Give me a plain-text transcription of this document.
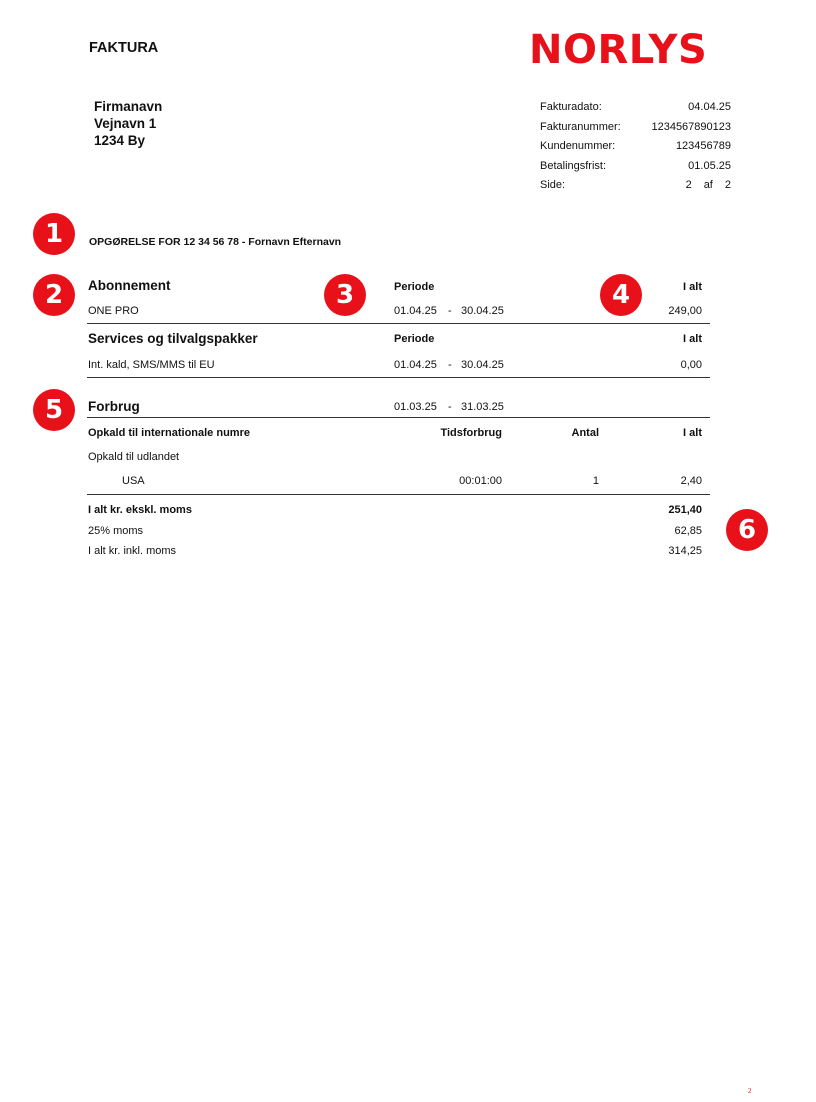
FAKTURA	NORLYS
Firmanavn
Vejnavn 1
1234 By
Fakturadato:	04.04.25
Fakturanummer:	1234567890123
Kundenummer:	123456789
Betalingsfrist:	01.05.25
Side:	2 af 2
OPGØRELSE FOR 12 34 56 78 - Fornavn Efternavn
Abonnement	Periode	I alt
ONE PRO	01.04.25 - 30.04.25	249,00
Services og tilvalgspakker	Periode	I alt
Int. kald, SMS/MMS til EU	01.04.25 - 30.04.25	0,00
Forbrug	01.03.25 - 31.03.25
Opkald til internationale numre	Tidsforbrug	Antal	I alt
Opkald til udlandet
USA	00:01:00	1	2,40
I alt kr. ekskl. moms	251,40
25% moms	62,85
I alt kr. inkl. moms	314,25
1
2	3	4
5
6
2
